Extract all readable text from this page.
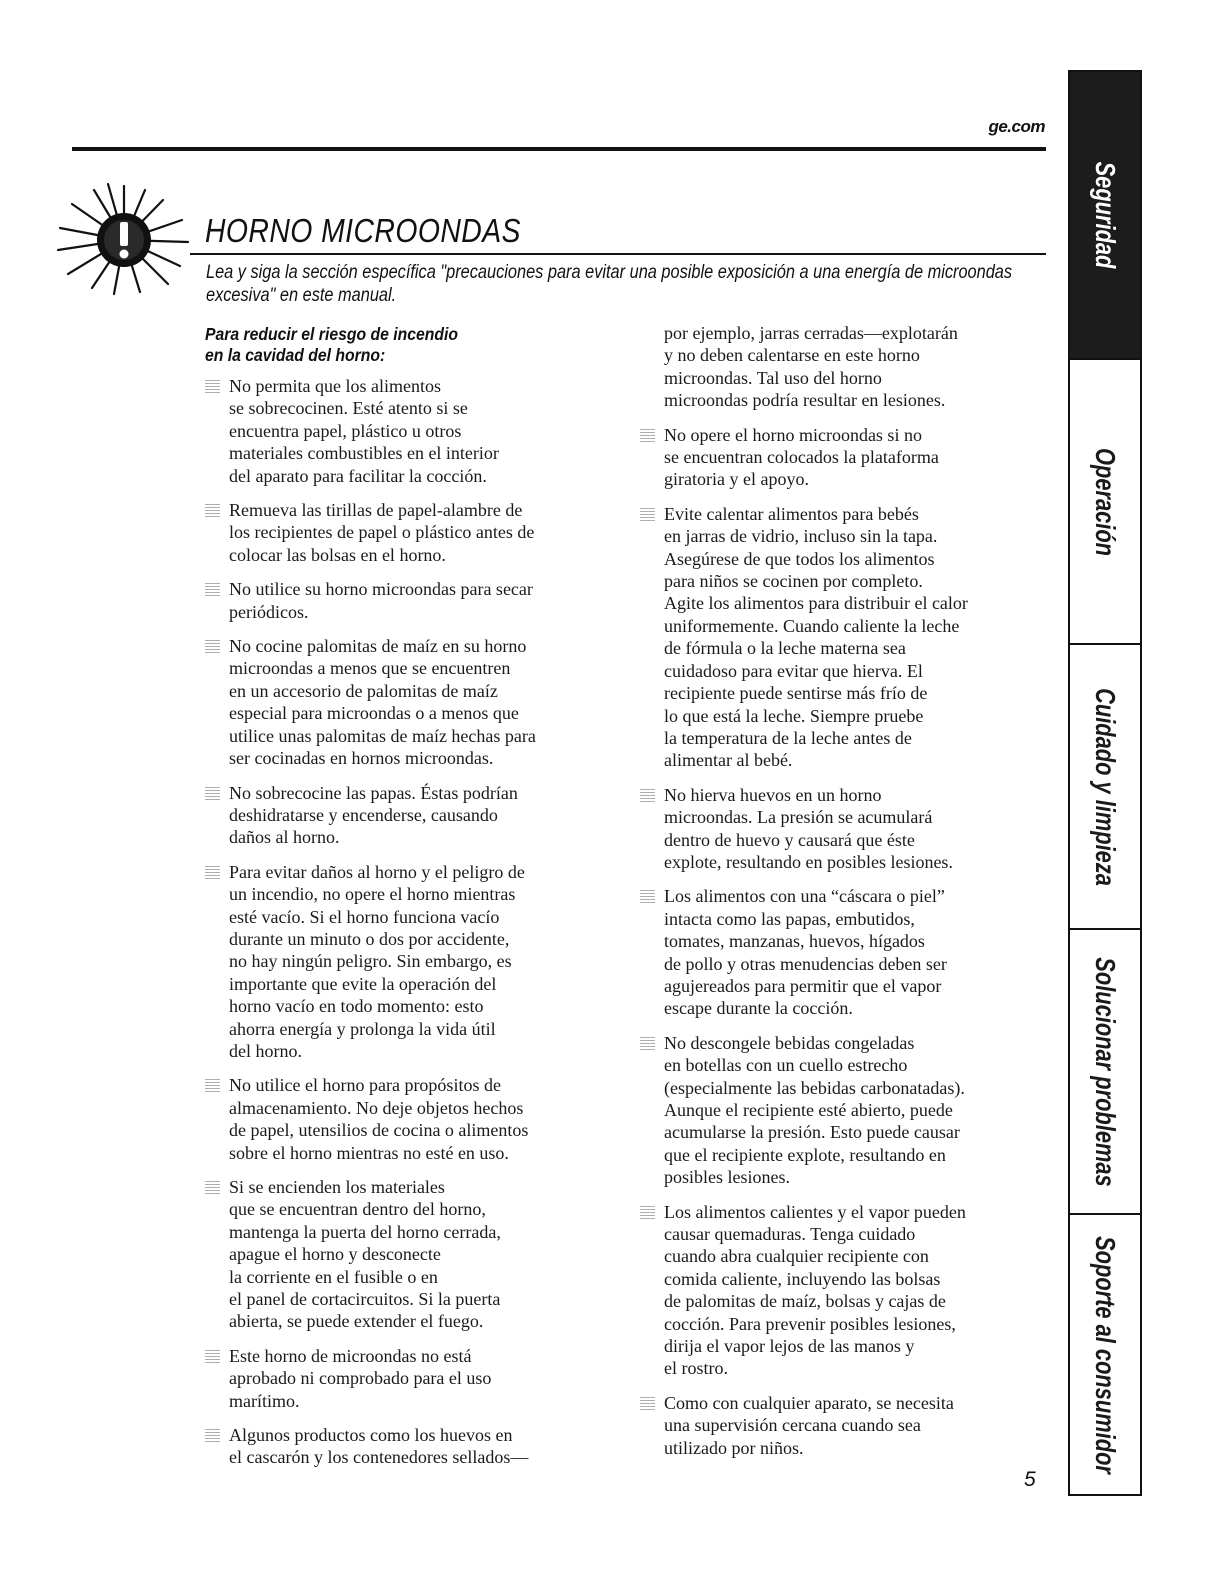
ge.com
HORNO MICROONDAS
Lea y siga la sección específica "precauciones para evitar una posible exposición a una energía de microondas excesiva" en este manual.
Para reducir el riesgo de incendio
en la cavidad del horno:
No permita que los alimentos
se sobrecocinen. Esté atento si se
encuentra papel, plástico u otros
materiales combustibles en el interior
del aparato para facilitar la cocción.
Remueva las tirillas de papel-alambre de
los recipientes de papel o plástico antes de
colocar las bolsas en el horno.
No utilice su horno microondas para secar
periódicos.
No cocine palomitas de maíz en su horno
microondas a menos que se encuentren
en un accesorio de palomitas de maíz
especial para microondas o a menos que
utilice unas palomitas de maíz hechas para
ser cocinadas en hornos microondas.
No sobrecocine las papas. Éstas podrían
deshidratarse y encenderse, causando
daños al horno.
Para evitar daños al horno y el peligro de
un incendio, no opere el horno mientras
esté vacío. Si el horno funciona vacío
durante un minuto o dos por accidente,
no hay ningún peligro. Sin embargo, es
importante que evite la operación del
horno vacío en todo momento: esto
ahorra energía y prolonga la vida útil
del horno.
No utilice el horno para propósitos de
almacenamiento. No deje objetos hechos
de papel, utensilios de cocina o alimentos
sobre el horno mientras no esté en uso.
Si se encienden los materiales
que se encuentran dentro del horno,
mantenga la puerta del horno cerrada,
apague el horno y desconecte
la corriente en el fusible o en
el panel de cortacircuitos. Si la puerta
abierta, se puede extender el fuego.
Este horno de microondas no está
aprobado ni comprobado para el uso
marítimo.
Algunos productos como los huevos en
el cascarón y los contenedores sellados—
por ejemplo, jarras cerradas—explotarán
y no deben calentarse en este horno
microondas. Tal uso del horno
microondas podría resultar en lesiones.
No opere el horno microondas si no
se encuentran colocados la plataforma
giratoria y el apoyo.
Evite calentar alimentos para bebés
en jarras de vidrio, incluso sin la tapa.
Asegúrese de que todos los alimentos
para niños se cocinen por completo.
Agite los alimentos para distribuir el calor
uniformemente. Cuando caliente la leche
de fórmula o la leche materna sea
cuidadoso para evitar que hierva. El
recipiente puede sentirse más frío de
lo que está la leche. Siempre pruebe
la temperatura de la leche antes de
alimentar al bebé.
No hierva huevos en un horno
microondas. La presión se acumulará
dentro de huevo y causará que éste
explote, resultando en posibles lesiones.
Los alimentos con una “cáscara o piel”
intacta como las papas, embutidos,
tomates, manzanas, huevos, hígados
de pollo y otras menudencias deben ser
agujereados para permitir que el vapor
escape durante la cocción.
No descongele bebidas congeladas
en botellas con un cuello estrecho
(especialmente las bebidas carbonatadas).
Aunque el recipiente esté abierto, puede
acumularse la presión. Esto puede causar
que el recipiente explote, resultando en
posibles lesiones.
Los alimentos calientes y el vapor pueden
causar quemaduras. Tenga cuidado
cuando abra cualquier recipiente con
comida caliente, incluyendo las bolsas
de palomitas de maíz, bolsas y cajas de
cocción. Para prevenir posibles lesiones,
dirija el vapor lejos de las manos y
el rostro.
Como con cualquier aparato, se necesita
una supervisión cercana cuando sea
utilizado por niños.
5
Seguridad
Operación
Cuidado y limpieza
Solucionar problemas
Soporte al consumidor
